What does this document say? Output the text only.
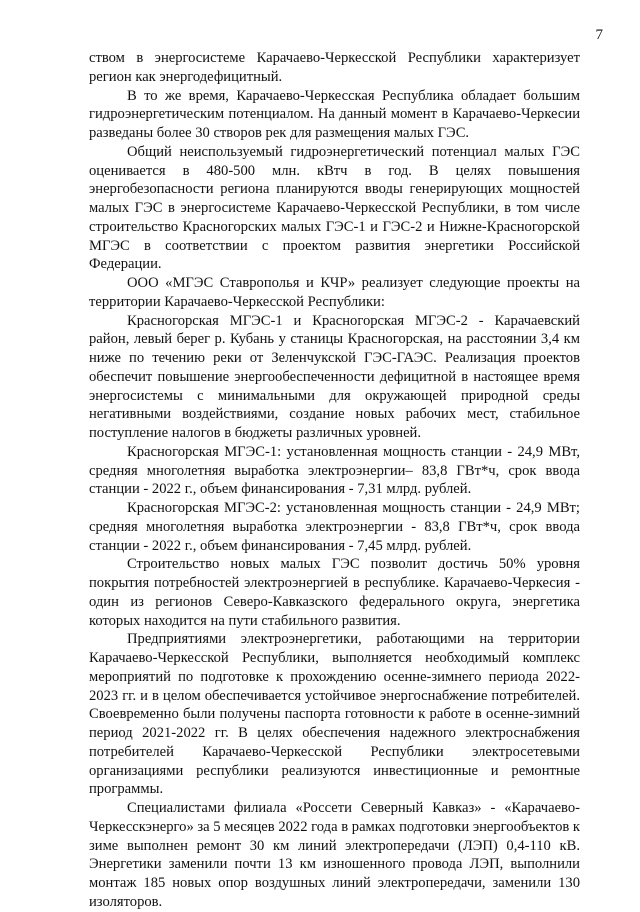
7

ством в энергосистеме Карачаево-Черкесской Республики характеризует регион как энергодефицитный.

В то же время, Карачаево-Черкесская Республика обладает большим гидроэнергетическим потенциалом. На данный момент в Карачаево-Черкесии разведаны более 30 створов рек для размещения малых ГЭС.

Общий неиспользуемый гидроэнергетический потенциал малых ГЭС оценивается в 480-500 млн. кВтч в год. В целях повышения энергобезопасности региона планируются вводы генерирующих мощностей малых ГЭС в энергосистеме Карачаево-Черкесской Республики, в том числе строительство Красногорских малых ГЭС-1 и ГЭС-2 и Нижне-Красногорской МГЭС в соответствии с проектом развития энергетики Российской Федерации.

ООО «МГЭС Ставрополья и КЧР» реализует следующие проекты на территории Карачаево-Черкесской Республики:

Красногорская МГЭС-1 и Красногорская МГЭС-2 - Карачаевский район, левый берег р. Кубань у станицы Красногорская, на расстоянии 3,4 км ниже по течению реки от Зеленчукской ГЭС-ГАЭС. Реализация проектов обеспечит повышение энергообеспеченности дефицитной в настоящее время энергосистемы с минимальными для окружающей природной среды негативными воздействиями, создание новых рабочих мест, стабильное поступление налогов в бюджеты различных уровней.

Красногорская МГЭС-1: установленная мощность станции - 24,9 МВт, средняя многолетняя выработка электроэнергии– 83,8 ГВт*ч, срок ввода станции - 2022 г., объем финансирования - 7,31 млрд. рублей.

Красногорская МГЭС-2: установленная мощность станции - 24,9 МВт; средняя многолетняя выработка электроэнергии - 83,8 ГВт*ч, срок ввода станции - 2022 г., объем финансирования - 7,45 млрд. рублей.

Строительство новых малых ГЭС позволит достичь 50% уровня покрытия потребностей электроэнергией в республике. Карачаево-Черкесия - один из регионов Северо-Кавказского федерального округа, энергетика которых находится на пути стабильного развития.

Предприятиями электроэнергетики, работающими на территории Карачаево-Черкесской Республики, выполняется необходимый комплекс мероприятий по подготовке к прохождению осенне-зимнего периода 2022-2023 гг. и в целом обеспечивается устойчивое энергоснабжение потребителей. Своевременно были получены паспорта готовности к работе в осенне-зимний период 2021-2022 гг. В целях обеспечения надежного электроснабжения потребителей Карачаево-Черкесской Республики электросетевыми организациями республики реализуются инвестиционные и ремонтные программы.

Специалистами филиала «Россети Северный Кавказ» - «Карачаево-Черкесскэнерго» за 5 месяцев 2022 года в рамках подготовки энергообъектов к зиме выполнен ремонт 30 км линий электропередачи (ЛЭП) 0,4-110 кВ. Энергетики заменили почти 13 км изношенного провода ЛЭП, выполнили монтаж 185 новых опор воздушных линий электропередачи, заменили 130 изоляторов.
